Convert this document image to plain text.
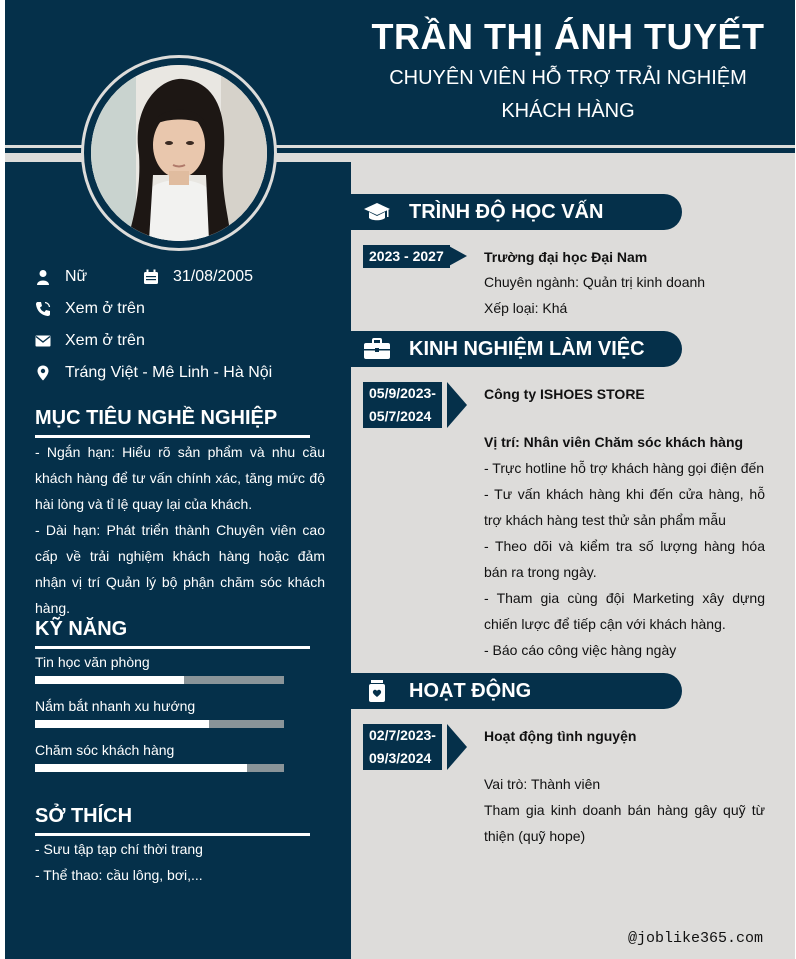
TRẦN THỊ ÁNH TUYẾT
CHUYÊN VIÊN HỖ TRỢ TRẢI NGHIỆM
KHÁCH HÀNG
Nữ	31/08/2005
Xem ở trên
Xem ở trên
Tráng Việt - Mê Linh - Hà Nội
MỤC TIÊU NGHỀ NGHIỆP
- Ngắn hạn: Hiểu rõ sản phẩm và nhu cầu khách hàng để tư vấn chính xác, tăng mức độ hài lòng và tỉ lệ quay lại của khách.
- Dài hạn: Phát triển thành Chuyên viên cao cấp về trải nghiệm khách hàng hoặc đảm nhận vị trí Quản lý bộ phận chăm sóc khách hàng.
KỸ NĂNG
Tin học văn phòng
Nắm bắt nhanh xu hướng
Chăm sóc khách hàng
SỞ THÍCH
- Sưu tập tạp chí thời trang
- Thể thao: cầu lông, bơi,...
TRÌNH ĐỘ HỌC VẤN
2023 - 2027	Trường đại học Đại Nam
Chuyên ngành: Quản trị kinh doanh
Xếp loại: Khá
KINH NGHIỆM LÀM VIỆC
05/9/2023-
05/7/2024
Công ty ISHOES STORE
Vị trí: Nhân viên Chăm sóc khách hàng
- Trực hotline hỗ trợ khách hàng gọi điện đến
- Tư vấn khách hàng khi đến cửa hàng, hỗ trợ khách hàng test thử sản phẩm mẫu
- Theo dõi và kiểm tra số lượng hàng hóa bán ra trong ngày.
- Tham gia cùng đội Marketing xây dựng chiến lược để tiếp cận với khách hàng.
- Báo cáo công việc hàng ngày
HOẠT ĐỘNG
02/7/2023-
09/3/2024
Hoạt động tình nguyện
Vai trò: Thành viên
Tham gia kinh doanh bán hàng gây quỹ từ thiện (quỹ hope)
@joblike365.com
